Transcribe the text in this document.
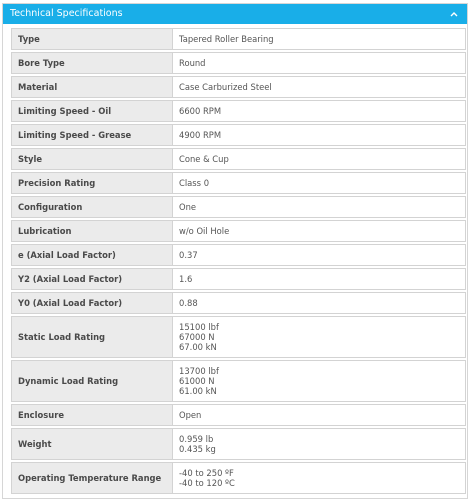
Technical Specifications
Type	Tapered Roller Bearing

Bore Type	Round

Material	Case Carburized Steel

Limiting Speed - Oil	6600 RPM

Limiting Speed - Grease	4900 RPM

Style	Cone & Cup

Precision Rating	Class 0

Configuration	One

Lubrication	w/o Oil Hole

e (Axial Load Factor)	0.37

Y2 (Axial Load Factor)	1.6

Y0 (Axial Load Factor)	0.88

Static Load Rating	15100 lbf
67000 N
67.00 kN

Dynamic Load Rating	13700 lbf
61000 N
61.00 kN

Enclosure	Open

Weight	0.959 lb
0.435 kg

Operating Temperature Range	-40 to 250 ºF
-40 to 120 ºC
